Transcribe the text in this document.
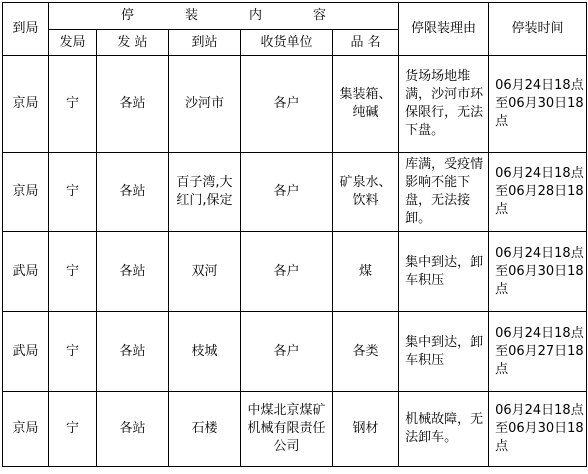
到局	停 装 内 容					停限装理由	停装时间
	发局	发 站	到站	收货单位	品 名		
京局	宁	各站	沙河市	各户	集装箱、纯碱	货场场地堆满，沙河市环保限行，无法下盘。	06月24日18点至06月30日18点
京局	宁	各站	百子湾,大红门,保定	各户	矿泉水、饮料	库满，受疫情影响不能下盘，无法接卸。	06月24日18点至06月28日18点
武局	宁	各站	双河	各户	煤	集中到达，卸车积压	06月24日18点至06月30日18点
武局	宁	各站	枝城	各户	各类	集中到达，卸车积压	06月24日18点至06月27日18点
京局	宁	各站	石楼	中煤北京煤矿机械有限责任公司	钢材	机械故障，无法卸车。	06月24日18点至06月30日18点
